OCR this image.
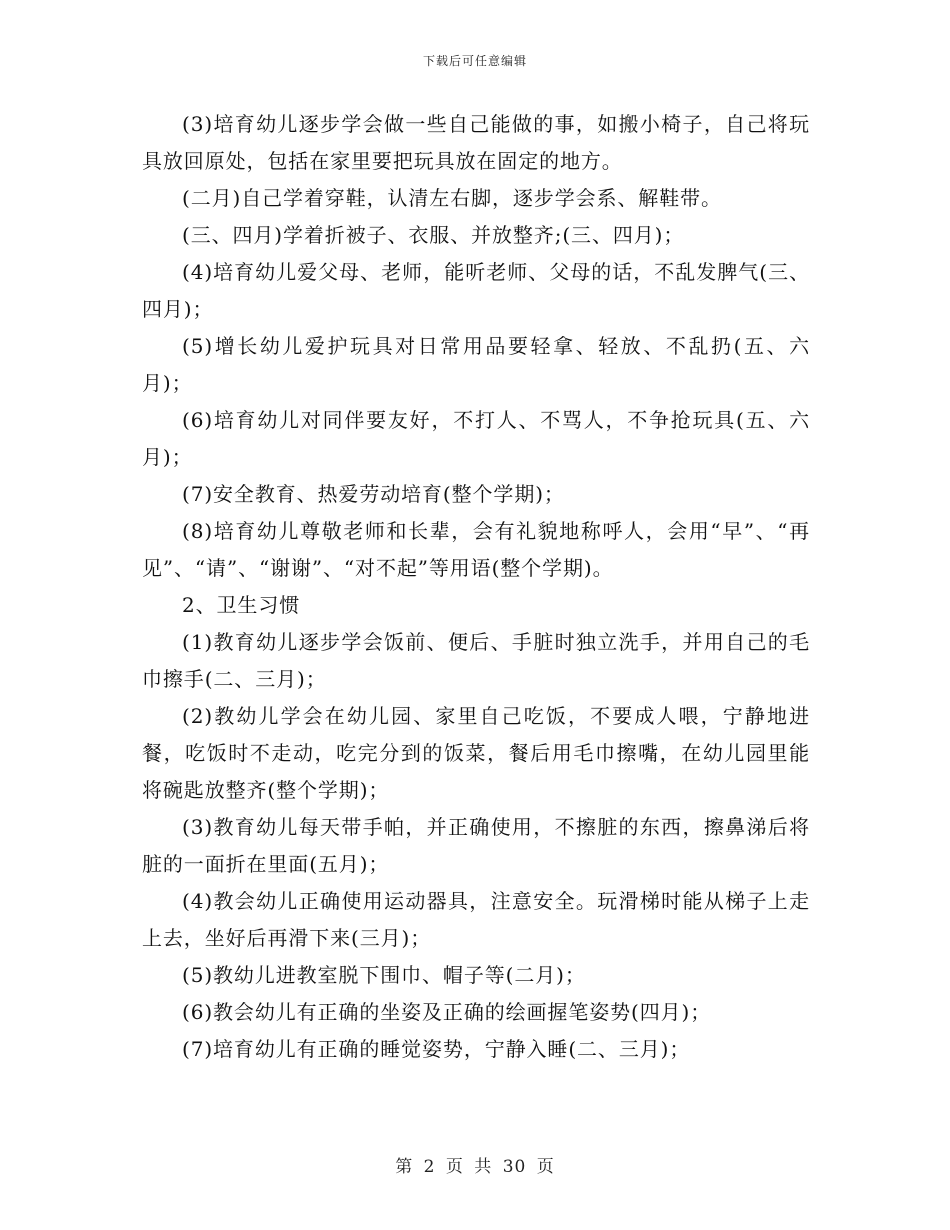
下载后可任意编辑

(3)培育幼儿逐步学会做一些自己能做的事，如搬小椅子，自己将玩具放回原处，包括在家里要把玩具放在固定的地方。

(二月)自己学着穿鞋，认清左右脚，逐步学会系、解鞋带。

(三、四月)学着折被子、衣服、并放整齐;(三、四月)；

(4)培育幼儿爱父母、老师，能听老师、父母的话，不乱发脾气(三、四月)；

(5)增长幼儿爱护玩具对日常用品要轻拿、轻放、不乱扔(五、六月)；

(6)培育幼儿对同伴要友好，不打人、不骂人，不争抢玩具(五、六月)；

(7)安全教育、热爱劳动培育(整个学期)；

(8)培育幼儿尊敬老师和长辈，会有礼貌地称呼人，会用“早”、“再见”、“请”、“谢谢”、“对不起”等用语(整个学期)。

2、卫生习惯

(1)教育幼儿逐步学会饭前、便后、手脏时独立洗手，并用自己的毛巾擦手(二、三月)；

(2)教幼儿学会在幼儿园、家里自己吃饭，不要成人喂，宁静地进餐，吃饭时不走动，吃完分到的饭菜，餐后用毛巾擦嘴，在幼儿园里能将碗匙放整齐(整个学期)；

(3)教育幼儿每天带手帕，并正确使用，不擦脏的东西，擦鼻涕后将脏的一面折在里面(五月)；

(4)教会幼儿正确使用运动器具，注意安全。玩滑梯时能从梯子上走上去，坐好后再滑下来(三月)；

(5)教幼儿进教室脱下围巾、帽子等(二月)；

(6)教会幼儿有正确的坐姿及正确的绘画握笔姿势(四月)；

(7)培育幼儿有正确的睡觉姿势，宁静入睡(二、三月)；

第 2 页 共 30 页
